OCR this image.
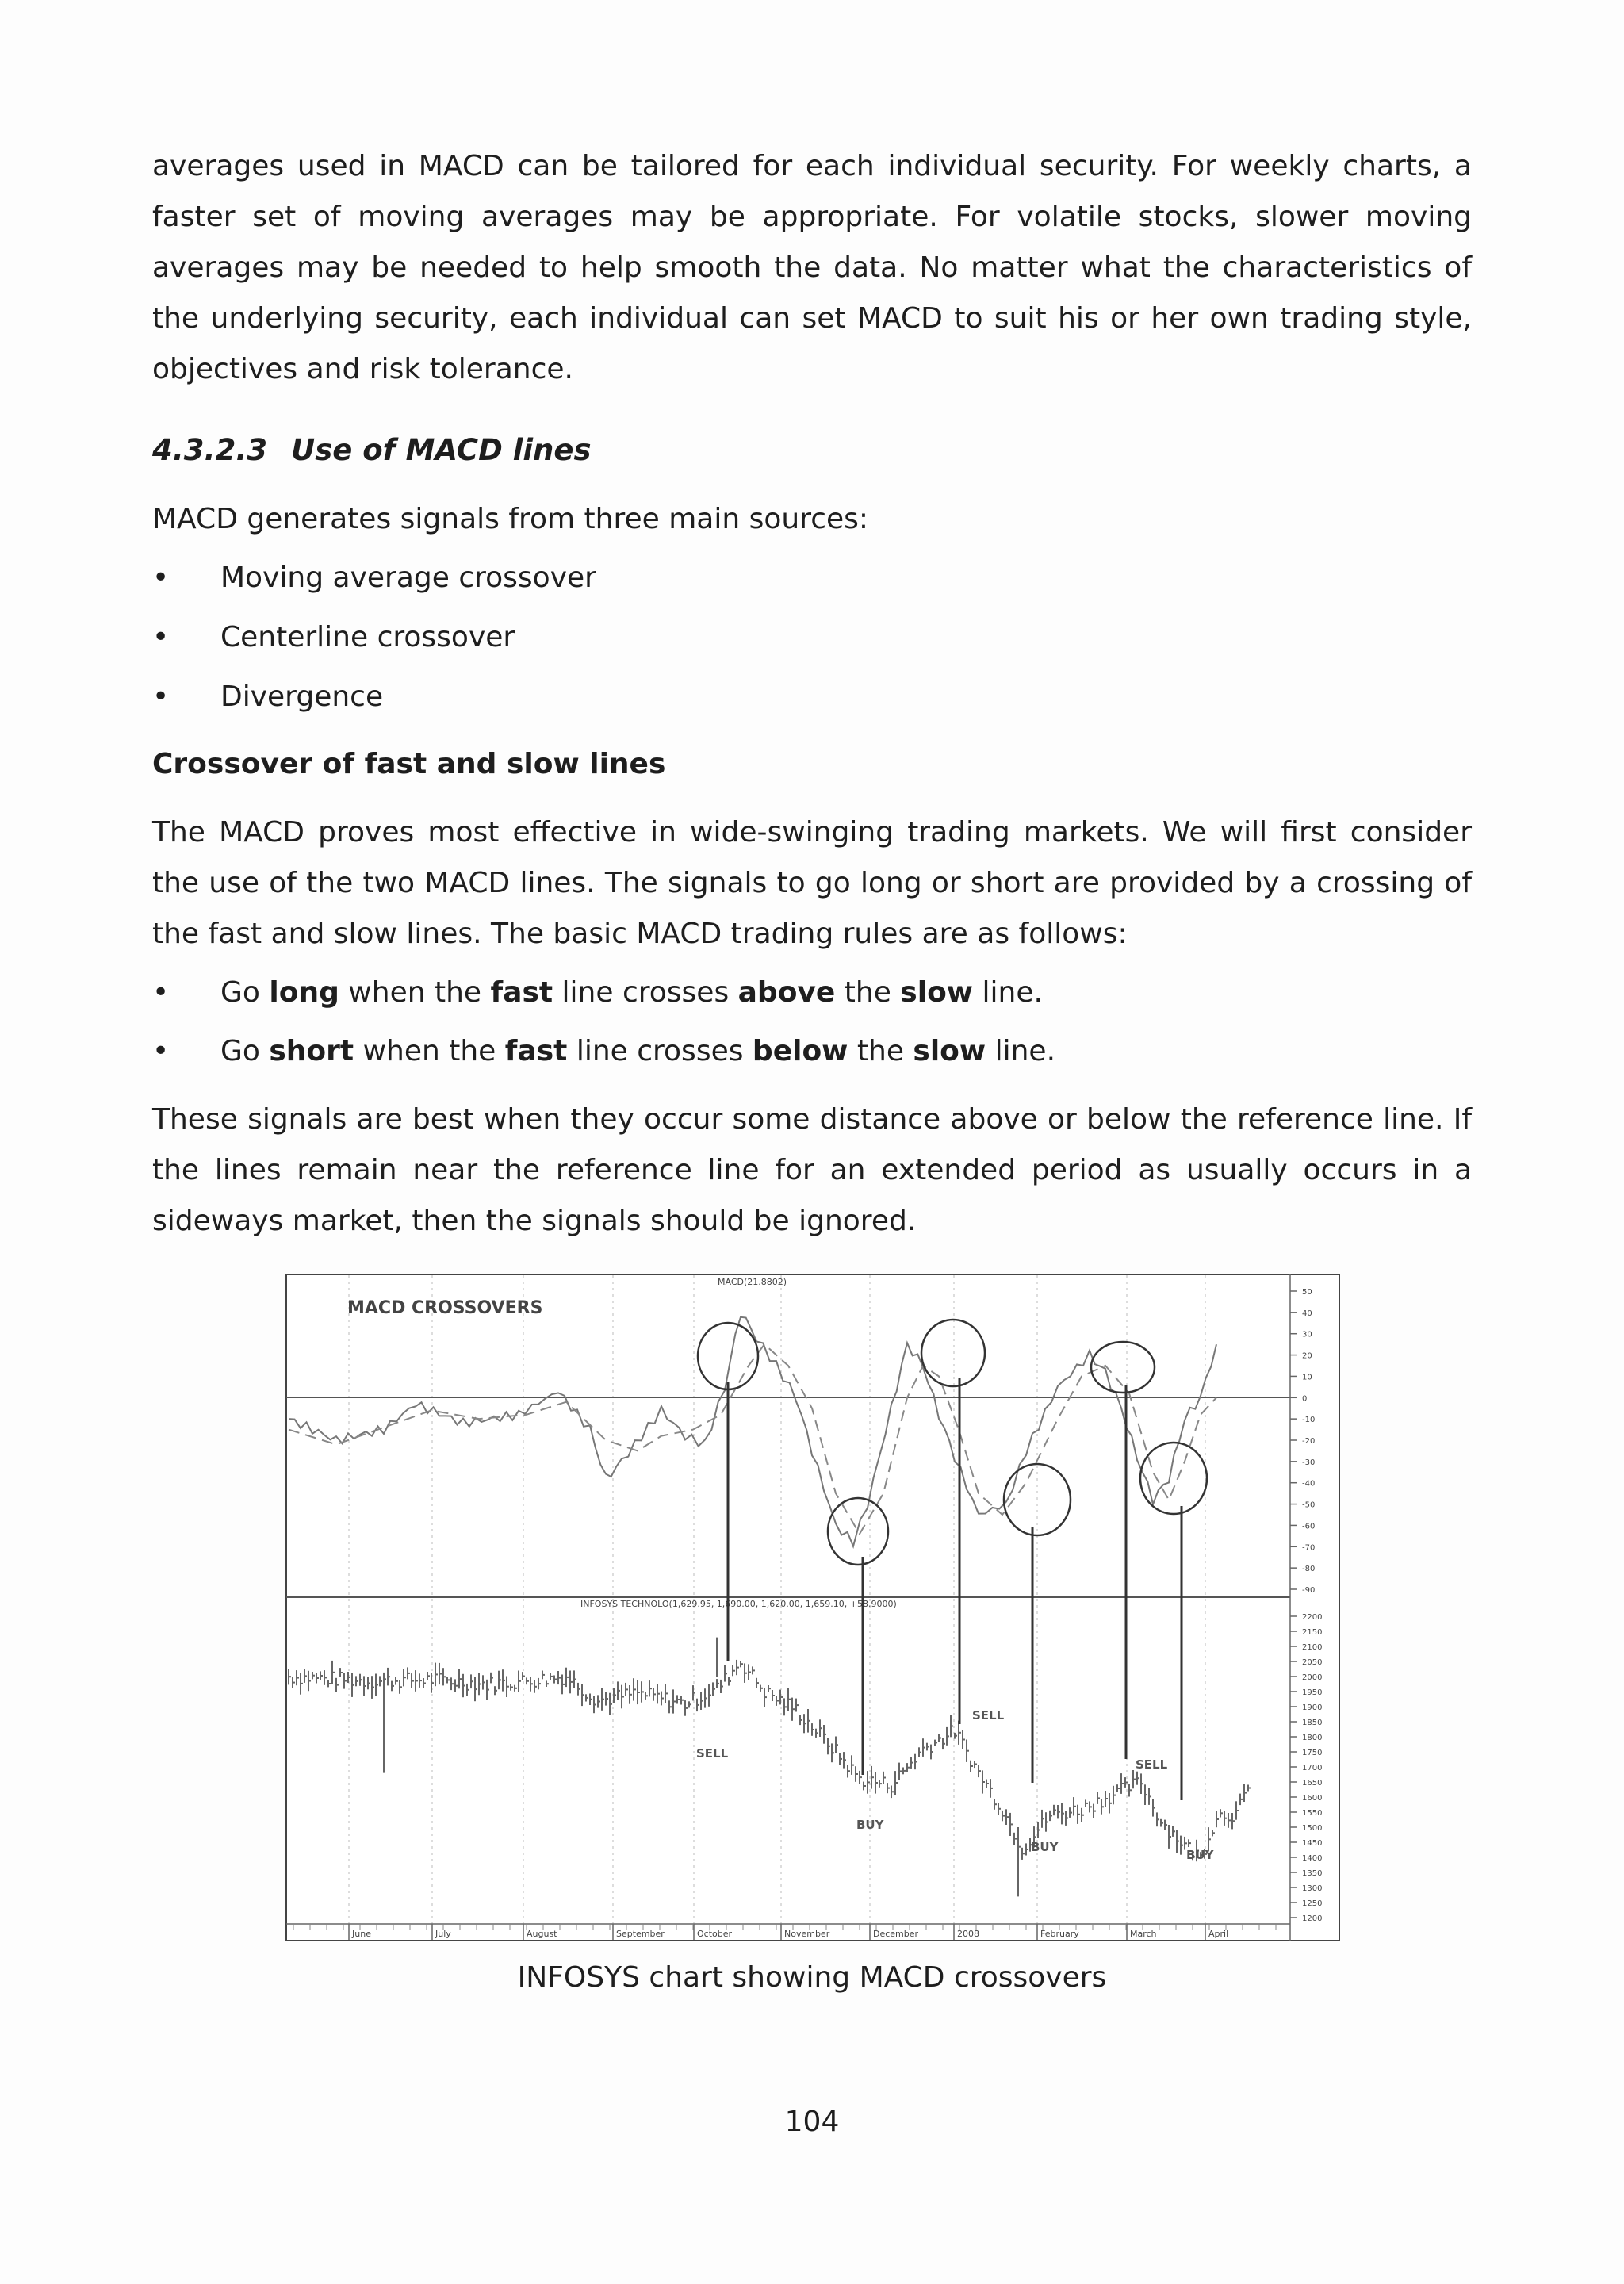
averages used in MACD can be tailored for each individual security. For weekly charts, a faster set of moving averages may be appropriate. For volatile stocks, slower moving averages may be needed to help smooth the data. No matter what the characteristics of the underlying security, each individual can set MACD to suit his or her own trading style, objectives and risk tolerance.

4.3.2.3 Use of MACD lines

MACD generates signals from three main sources:

• Moving average crossover
• Centerline crossover
• Divergence
Crossover of fast and slow lines

The MACD proves most effective in wide-swinging trading markets. We will first consider the use of the two MACD lines. The signals to go long or short are provided by a crossing of the fast and slow lines. The basic MACD trading rules are as follows:

• Go long when the fast line crosses above the slow line.
• Go short when the fast line crosses below the slow line.

These signals are best when they occur some distance above or below the reference line. If the lines remain near the reference line for an extended period as usually occurs in a sideways market, then the signals should be ignored.

MACD CROSSOVERS
MACD(21.8802)
INFOSYS TECHNOLO(1,629.95, 1,690.00, 1,620.00, 1,659.10, +58.9000)
50
40
30
20
10
0
-10
-20
-30
-40
-50
-60
-70
-80
-90
2200
2150
2100
2050
2000
1950
1900
1850
1800
1750
1700
1650
1600
1550
1500
1450
1400
1350
1300
1250
1200
June	July	August	September	October	November	December	2008	February	March	April
SELL
BUY
SELL
BUY
SELL
BUY

INFOSYS chart showing MACD crossovers

104
